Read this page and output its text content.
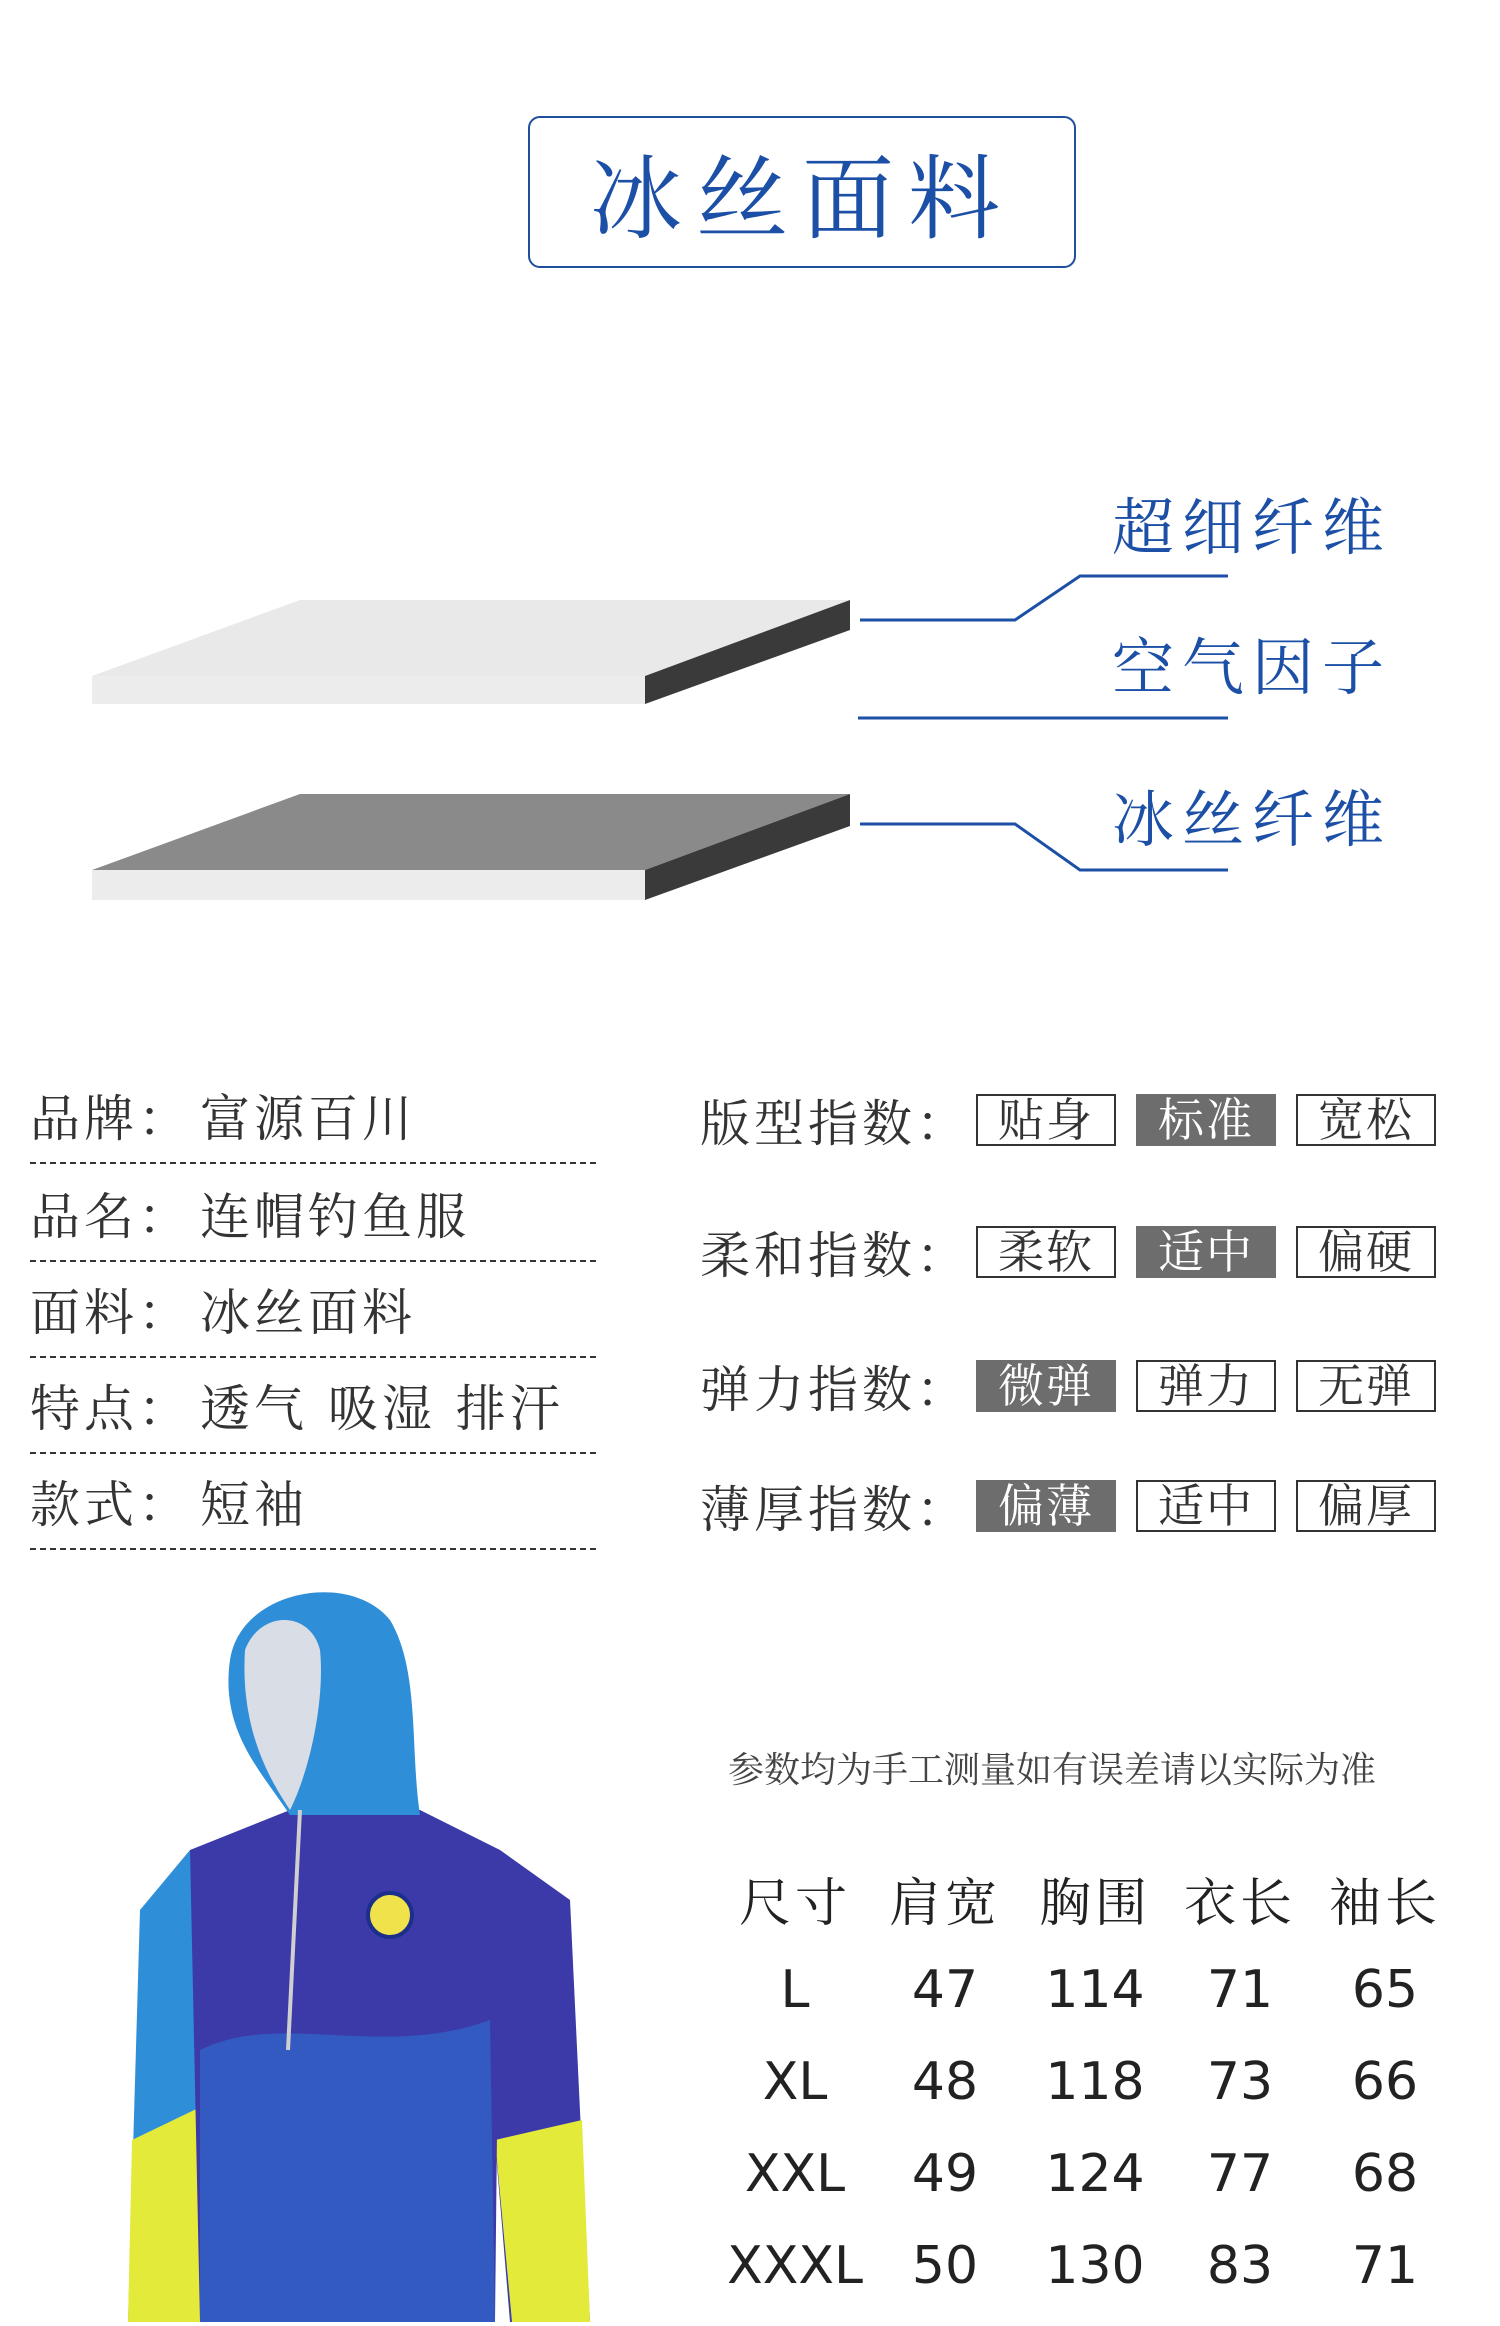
冰丝面料
超细纤维
空气因子
冰丝纤维
品牌： 富源百川
品名： 连帽钓鱼服
面料： 冰丝面料
特点： 透气 吸湿 排汗
款式： 短袖
版型指数： 贴身	标准	宽松
柔和指数： 柔软	适中	偏硬
弹力指数： 微弹	弹力	无弹
薄厚指数： 偏薄	适中	偏厚
参数均为手工测量如有误差请以实际为准
尺寸 肩宽 胸围 衣长 袖长
L	47	114	71	65
XL	48	118	73	66
XXL	49	124	77	68
XXXL 50	130	83	71
